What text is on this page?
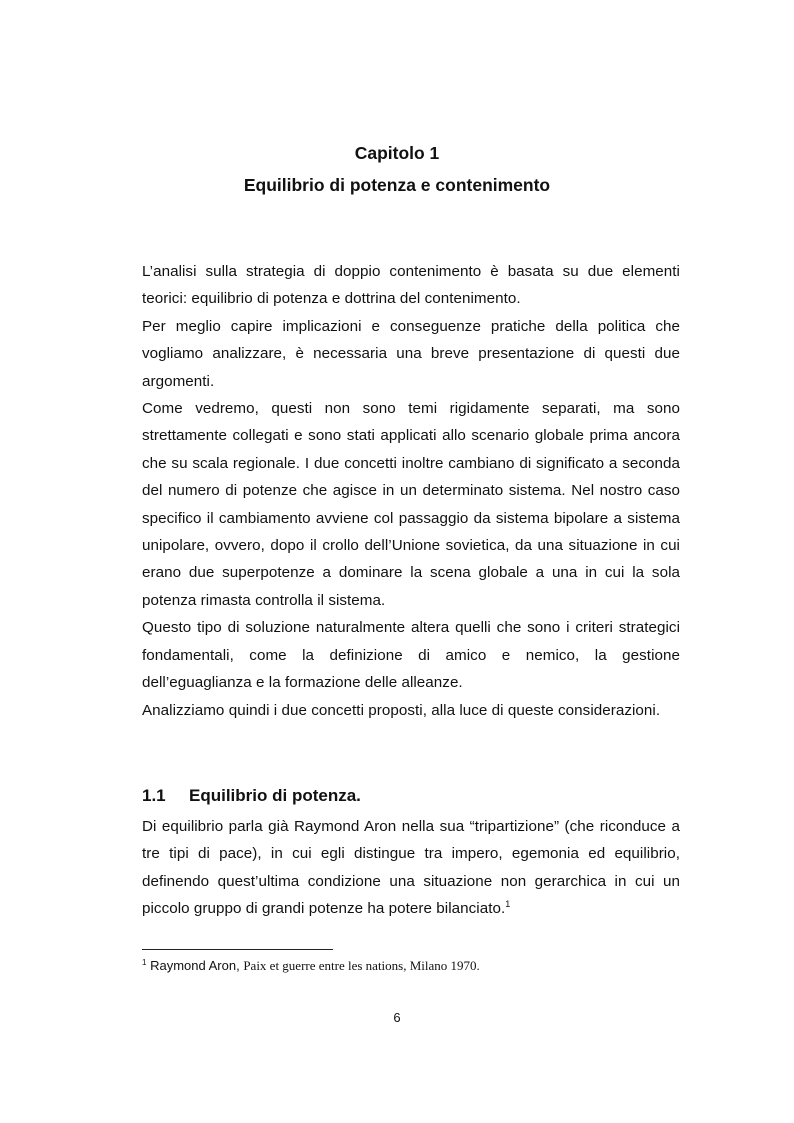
Capitolo 1
Equilibrio di potenza e contenimento

L’analisi sulla strategia di doppio contenimento è basata su due elementi teorici: equilibrio di potenza e dottrina del contenimento.

Per meglio capire implicazioni e conseguenze pratiche della politica che vogliamo analizzare, è necessaria una breve presentazione di questi due argomenti.

Come vedremo, questi non sono temi rigidamente separati, ma sono strettamente collegati e sono stati applicati allo scenario globale prima ancora che su scala regionale. I due concetti inoltre cambiano di significato a seconda del numero di potenze che agisce in un determinato sistema. Nel nostro caso specifico il cambiamento avviene col passaggio da sistema bipolare a sistema unipolare, ovvero, dopo il crollo dell’Unione sovietica, da una situazione in cui erano due superpotenze a dominare la scena globale a una in cui la sola potenza rimasta controlla il sistema.

Questo tipo di soluzione naturalmente altera quelli che sono i criteri strategici fondamentali, come la definizione di amico e nemico, la gestione dell’eguaglianza e la formazione delle alleanze.

Analizziamo quindi i due concetti proposti, alla luce di queste considerazioni.

1.1 Equilibrio di potenza.

Di equilibrio parla già Raymond Aron nella sua “tripartizione” (che riconduce a tre tipi di pace), in cui egli distingue tra impero, egemonia ed equilibrio, definendo quest’ultima condizione una situazione non gerarchica in cui un piccolo gruppo di grandi potenze ha potere bilanciato.$^1$

$^1$ Raymond Aron, Paix et guerre entre les nations, Milano 1970.

6
